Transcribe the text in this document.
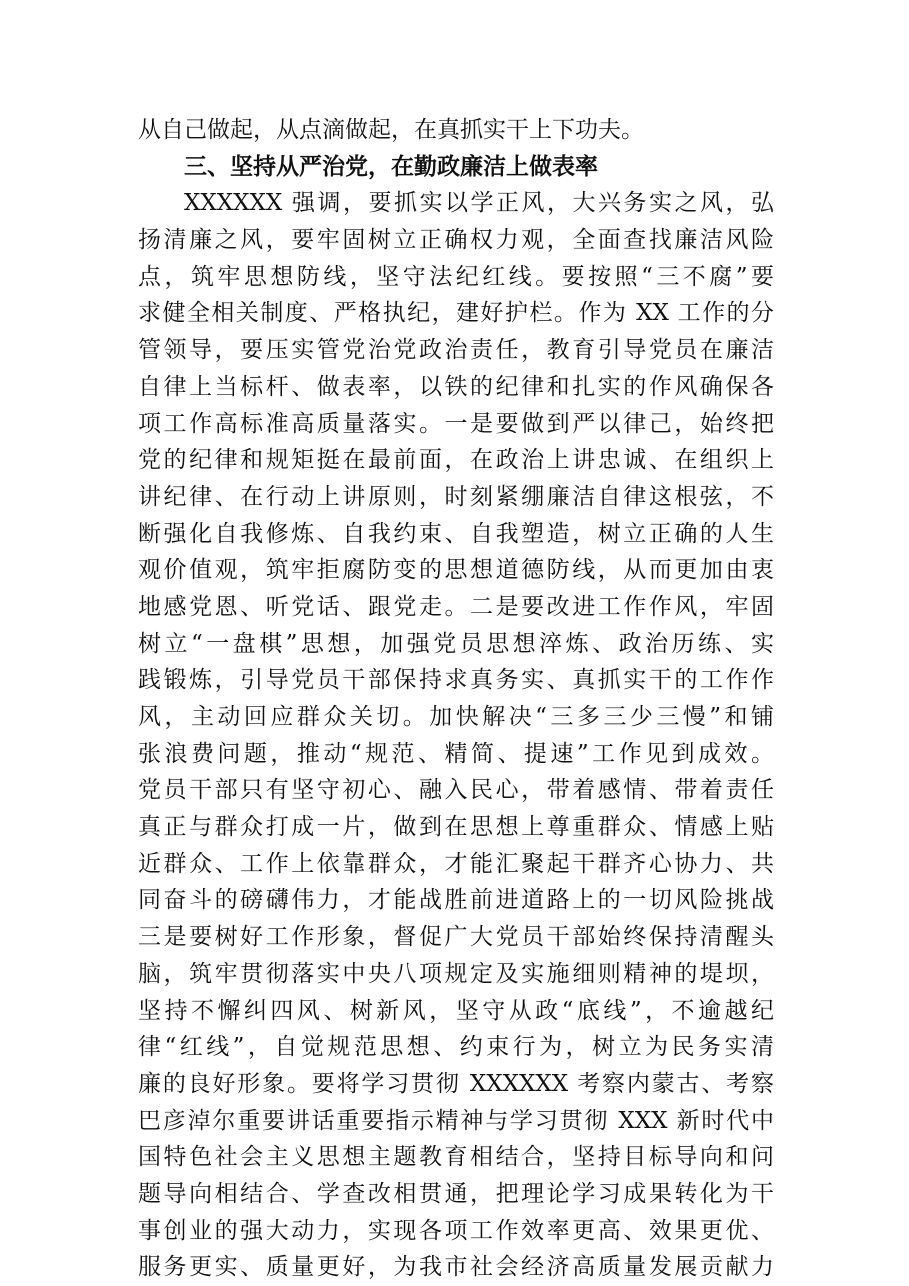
从自己做起，从点滴做起，在真抓实干上下功夫。
三、坚持从严治党，在勤政廉洁上做表率
XXXXXX 强调，要抓实以学正风，大兴务实之风，弘
扬清廉之风，要牢固树立正确权力观，全面查找廉洁风险
点，筑牢思想防线，坚守法纪红线。要按照“三不腐”要
求健全相关制度、严格执纪，建好护栏。作为 XX 工作的分
管领导，要压实管党治党政治责任，教育引导党员在廉洁
自律上当标杆、做表率，以铁的纪律和扎实的作风确保各
项工作高标准高质量落实。一是要做到严以律己，始终把
党的纪律和规矩挺在最前面，在政治上讲忠诚、在组织上
讲纪律、在行动上讲原则，时刻紧绷廉洁自律这根弦，不
断强化自我修炼、自我约束、自我塑造，树立正确的人生
观价值观，筑牢拒腐防变的思想道德防线，从而更加由衷
地感党恩、听党话、跟党走。二是要改进工作作风，牢固
树立“一盘棋”思想，加强党员思想淬炼、政治历练、实
践锻炼，引导党员干部保持求真务实、真抓实干的工作作
风，主动回应群众关切。加快解决“三多三少三慢”和铺
张浪费问题，推动“规范、精简、提速”工作见到成效。
党员干部只有坚守初心、融入民心，带着感情、带着责任
真正与群众打成一片，做到在思想上尊重群众、情感上贴
近群众、工作上依靠群众，才能汇聚起干群齐心协力、共
同奋斗的磅礴伟力，才能战胜前进道路上的一切风险挑战
三是要树好工作形象，督促广大党员干部始终保持清醒头
脑，筑牢贯彻落实中央八项规定及实施细则精神的堤坝，
坚持不懈纠四风、树新风，坚守从政“底线”，不逾越纪
律“红线”，自觉规范思想、约束行为，树立为民务实清
廉的良好形象。要将学习贯彻 XXXXXX 考察内蒙古、考察
巴彦淖尔重要讲话重要指示精神与学习贯彻 XXX 新时代中
国特色社会主义思想主题教育相结合，坚持目标导向和问
题导向相结合、学查改相贯通，把理论学习成果转化为干
事创业的强大动力，实现各项工作效率更高、效果更优、
服务更实、质量更好，为我市社会经济高质量发展贡献力
